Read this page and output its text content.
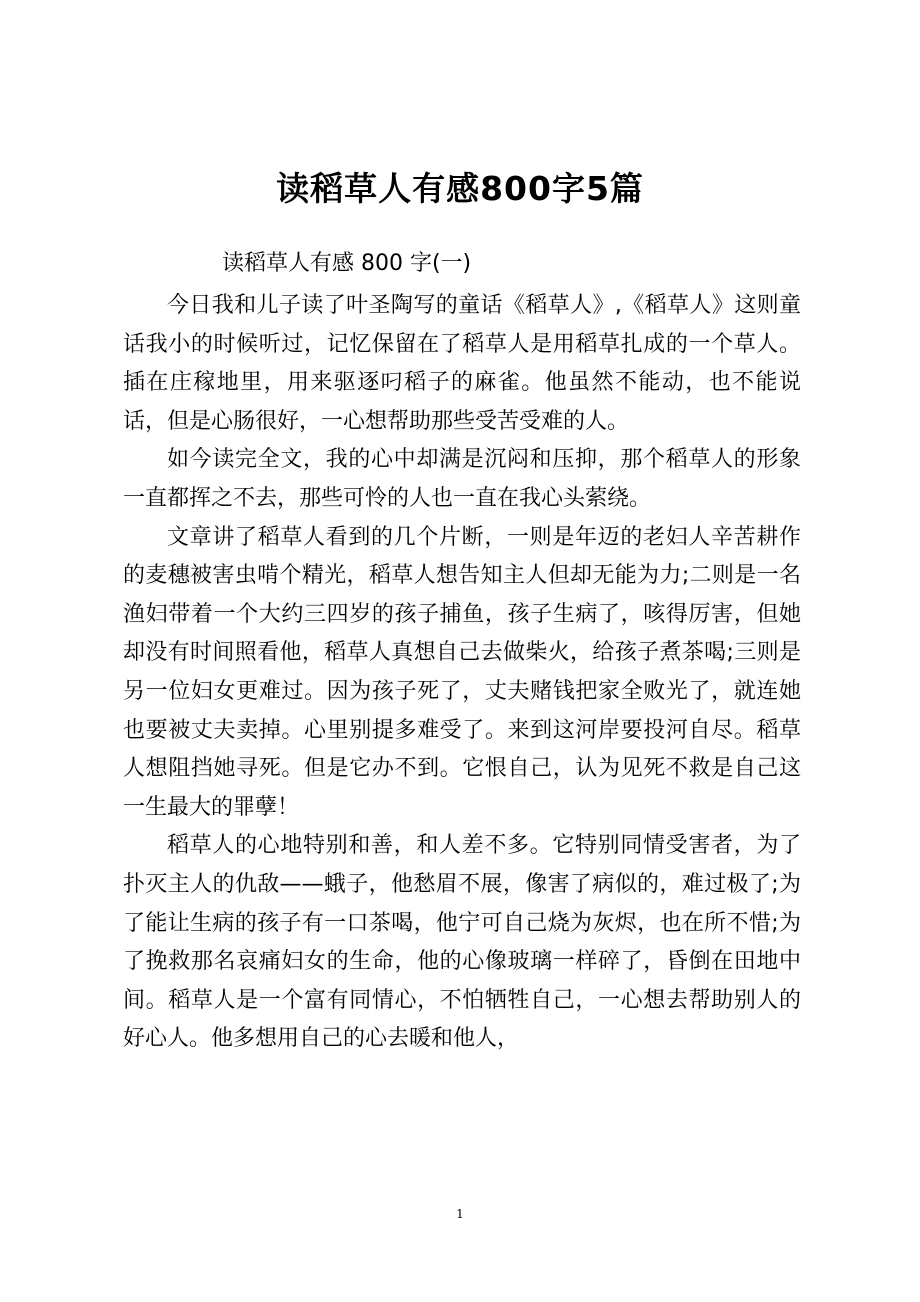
读稻草人有感800字5篇
读稻草人有感 800 字(一)

今日我和儿子读了叶圣陶写的童话《稻草人》,《稻草人》这则童话我小的时候听过，记忆保留在了稻草人是用稻草扎成的一个草人。插在庄稼地里，用来驱逐叼稻子的麻雀。他虽然不能动，也不能说话，但是心肠很好，一心想帮助那些受苦受难的人。

如今读完全文，我的心中却满是沉闷和压抑，那个稻草人的形象一直都挥之不去，那些可怜的人也一直在我心头萦绕。

文章讲了稻草人看到的几个片断，一则是年迈的老妇人辛苦耕作的麦穗被害虫啃个精光，稻草人想告知主人但却无能为力;二则是一名渔妇带着一个大约三四岁的孩子捕鱼，孩子生病了，咳得厉害，但她却没有时间照看他，稻草人真想自己去做柴火，给孩子煮茶喝;三则是另一位妇女更难过。因为孩子死了，丈夫赌钱把家全败光了，就连她也要被丈夫卖掉。心里别提多难受了。来到这河岸要投河自尽。稻草人想阻挡她寻死。但是它办不到。它恨自己，认为见死不救是自己这一生最大的罪孽！

稻草人的心地特别和善，和人差不多。它特别同情受害者，为了扑灭主人的仇敌——蛾子，他愁眉不展，像害了病似的，难过极了;为了能让生病的孩子有一口茶喝，他宁可自己烧为灰烬，也在所不惜;为了挽救那名哀痛妇女的生命，他的心像玻璃一样碎了，昏倒在田地中间。稻草人是一个富有同情心，不怕牺牲自己，一心想去帮助别人的好心人。他多想用自己的心去暖和他人，

1
